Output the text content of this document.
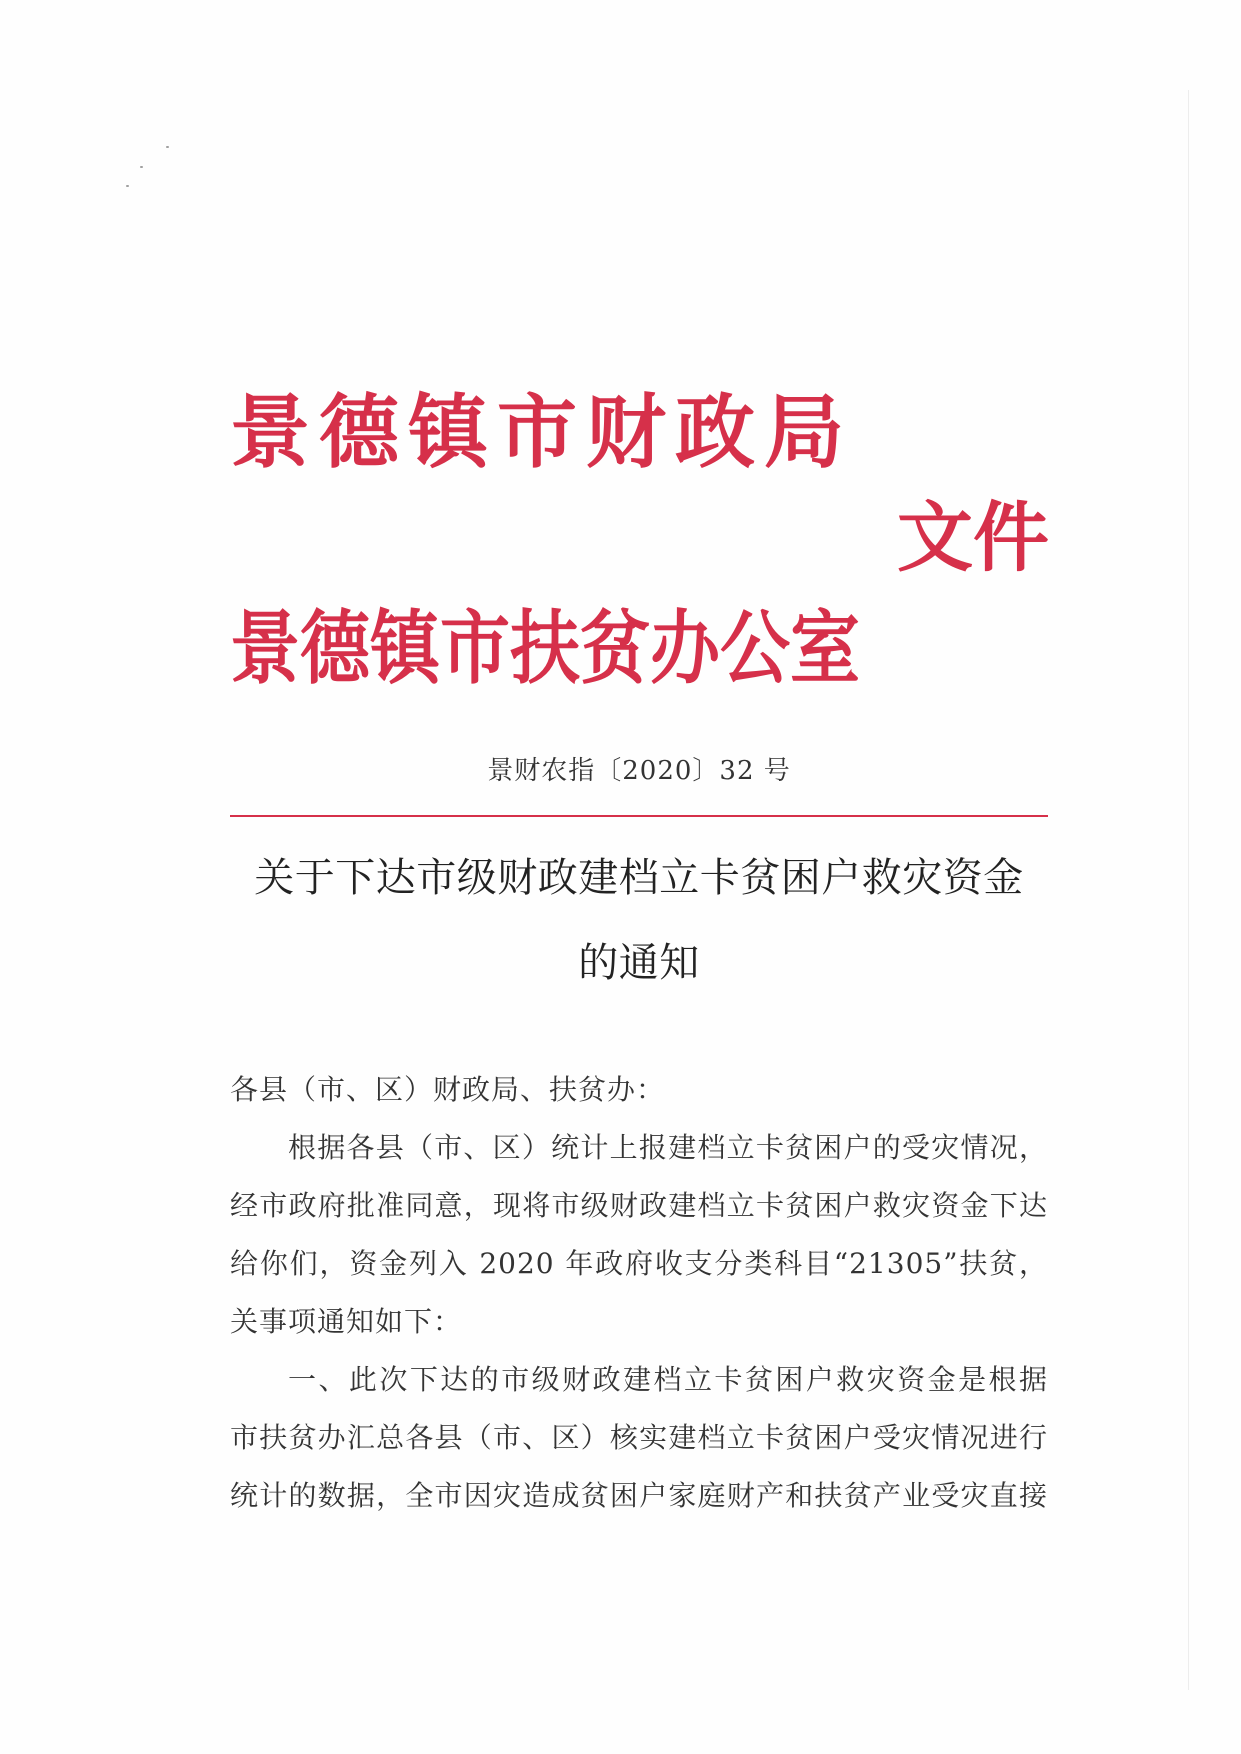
景德镇市财政局
文件
景德镇市扶贫办公室
景财农指〔2020〕32 号
关于下达市级财政建档立卡贫困户救灾资金
的通知
各县（市、区）财政局、扶贫办：
根据各县（市、区）统计上报建档立卡贫困户的受灾情况，
经市政府批准同意，现将市级财政建档立卡贫困户救灾资金下达
给你们，资金列入 2020 年政府收支分类科目“21305”扶贫，
关事项通知如下：
一、此次下达的市级财政建档立卡贫困户救灾资金是根据
市扶贫办汇总各县（市、区）核实建档立卡贫困户受灾情况进行
统计的数据，全市因灾造成贫困户家庭财产和扶贫产业受灾直接
